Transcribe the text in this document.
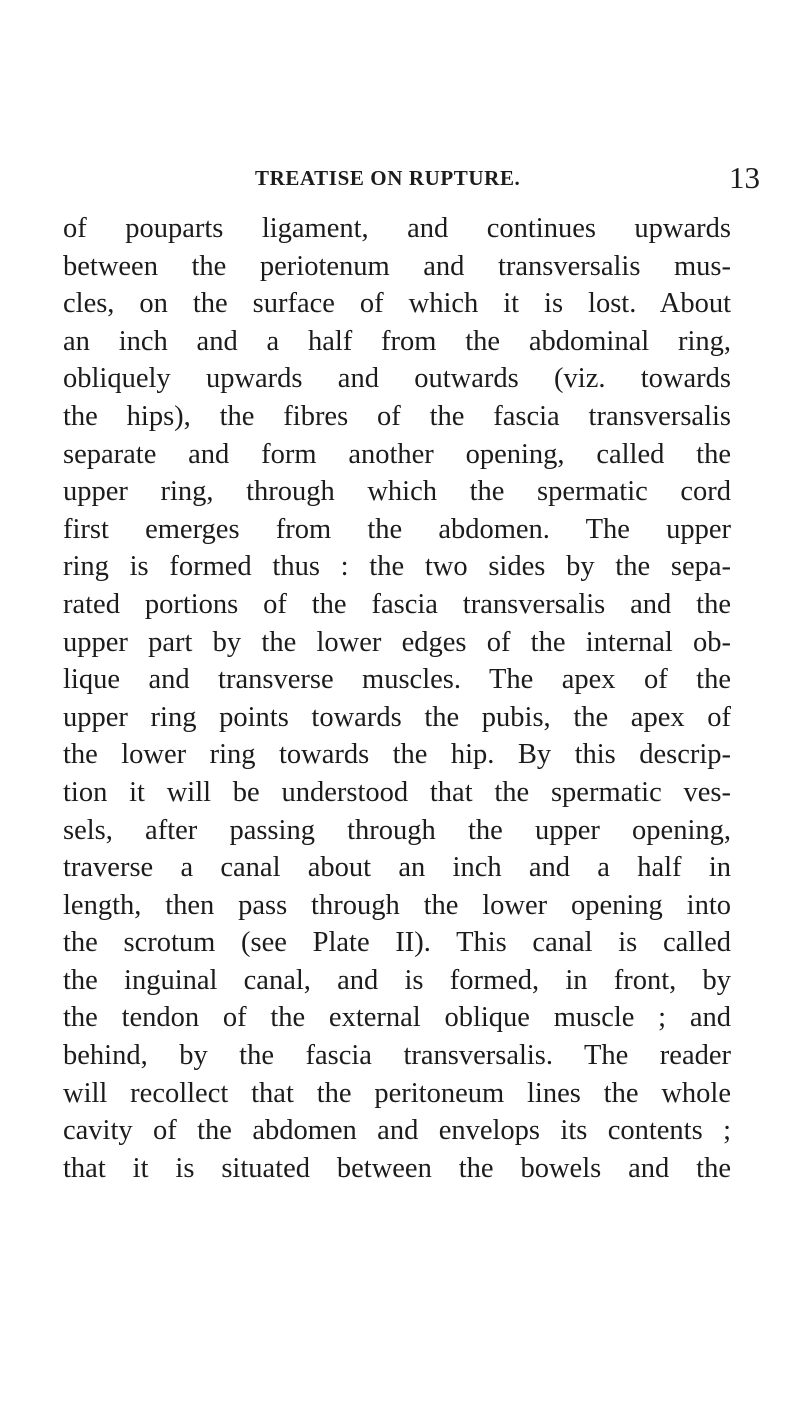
TREATISE ON RUPTURE.	13
of pouparts ligament, and continues upwards
between the periotenum and transversalis mus-
cles, on the surface of which it is lost. About
an inch and a half from the abdominal ring,
obliquely upwards and outwards (viz. towards
the hips), the fibres of the fascia transversalis
separate and form another opening, called the
upper ring, through which the spermatic cord
first emerges from the abdomen. The upper
ring is formed thus : the two sides by the sepa-
rated portions of the fascia transversalis and the
upper part by the lower edges of the internal ob-
lique and transverse muscles. The apex of the
upper ring points towards the pubis, the apex of
the lower ring towards the hip. By this descrip-
tion it will be understood that the spermatic ves-
sels, after passing through the upper opening,
traverse a canal about an inch and a half in
length, then pass through the lower opening into
the scrotum (see Plate II). This canal is called
the inguinal canal, and is formed, in front, by
the tendon of the external oblique muscle ; and
behind, by the fascia transversalis. The reader
will recollect that the peritoneum lines the whole
cavity of the abdomen and envelops its contents ;
that it is situated between the bowels and the
